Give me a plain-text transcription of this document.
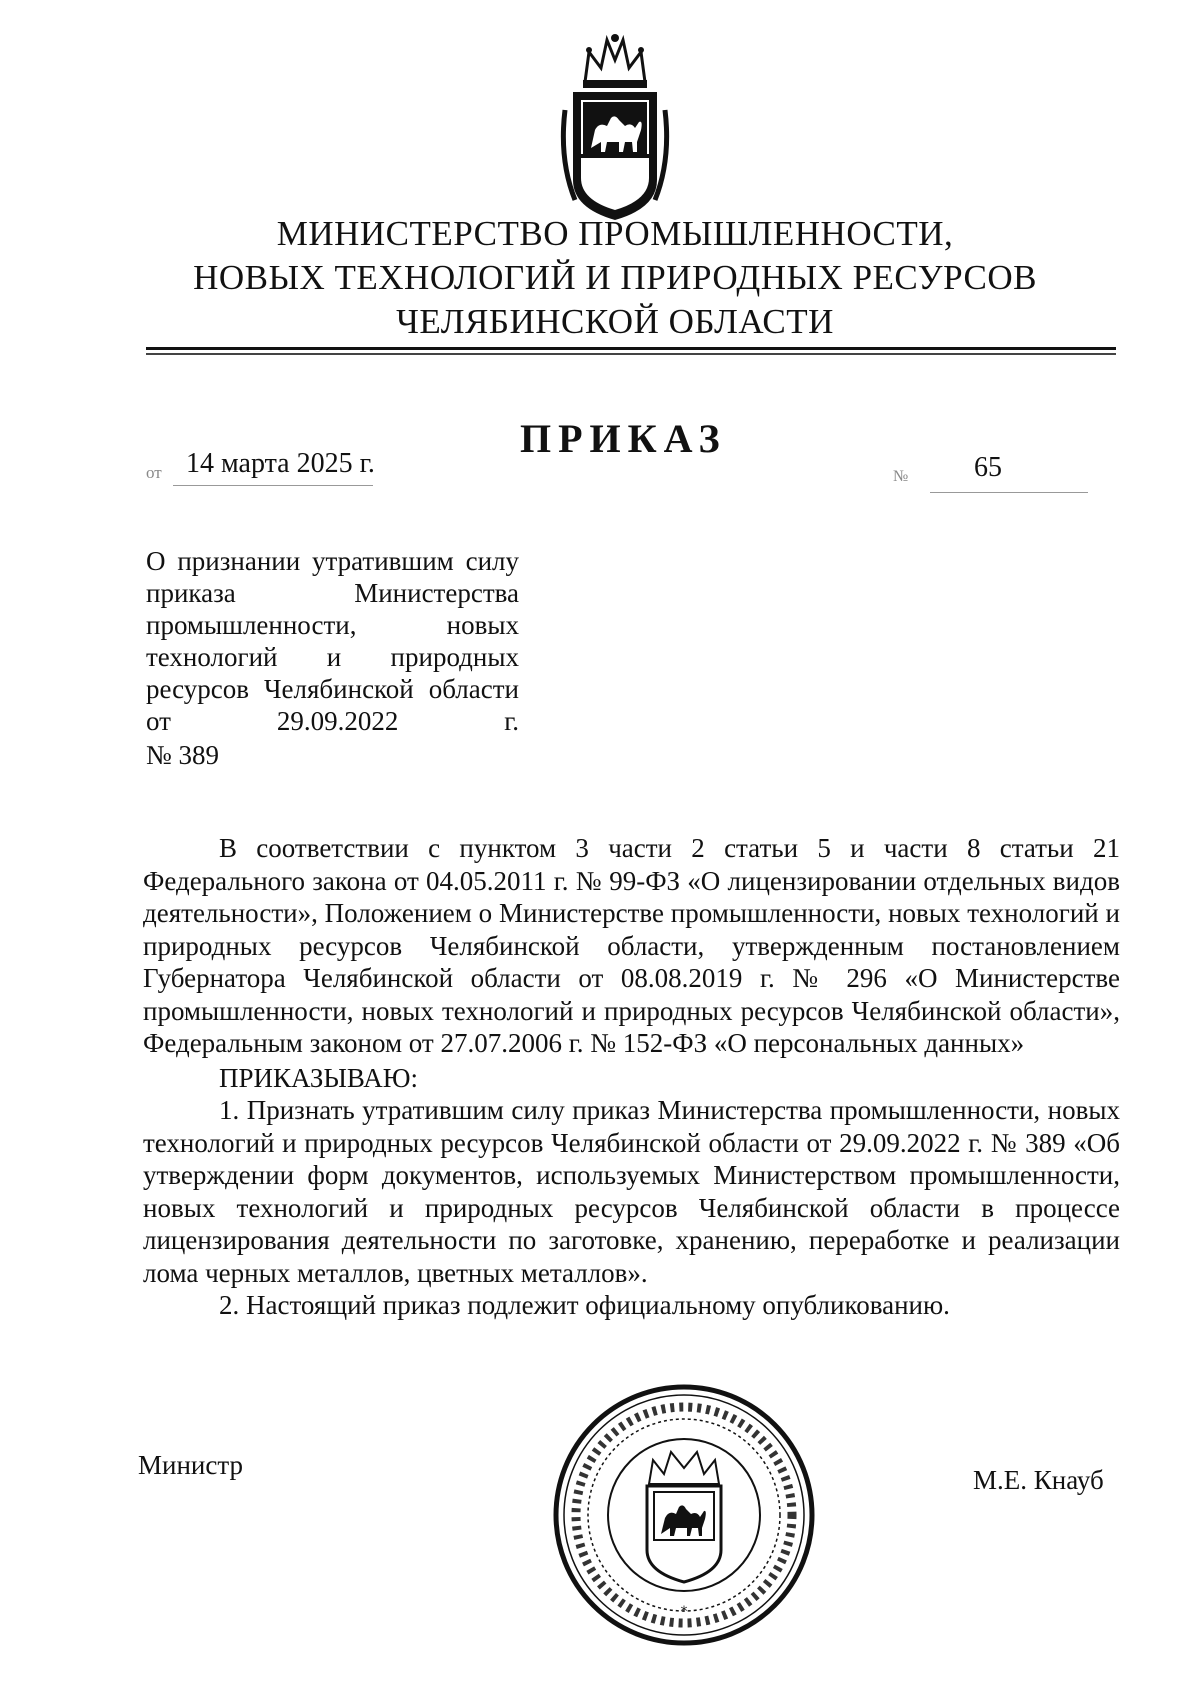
МИНИСТЕРСТВО ПРОМЫШЛЕННОСТИ,
НОВЫХ ТЕХНОЛОГИЙ И ПРИРОДНЫХ РЕСУРСОВ
ЧЕЛЯБИНСКОЙ ОБЛАСТИ
ПРИКАЗ
от 14 марта 2025 г.	№ 65

О признании утратившим силу приказа Министерства промышленности, новых технологий и природных ресурсов Челябинской области от 29.09.2022 г.

№ 389

В соответствии с пунктом 3 части 2 статьи 5 и части 8 статьи 21 Федерального закона от 04.05.2011 г. № 99-ФЗ «О лицензировании отдельных видов деятельности», Положением о Министерстве промышленности, новых технологий и природных ресурсов Челябинской области, утвержденным постановлением Губернатора Челябинской области от 08.08.2019 г. № 296 «О Министерстве промышленности, новых технологий и природных ресурсов Челябинской области», Федеральным законом от 27.07.2006 г. № 152-ФЗ «О персональных данных»

ПРИКАЗЫВАЮ:

1. Признать утратившим силу приказ Министерства промышленности, новых технологий и природных ресурсов Челябинской области от 29.09.2022 г. № 389 «Об утверждении форм документов, используемых Министерством промышленности, новых технологий и природных ресурсов Челябинской области в процессе лицензирования деятельности по заготовке, хранению, переработке и реализации лома черных металлов, цветных металлов».

2. Настоящий приказ подлежит официальному опубликованию.

Министр	М.Е. Кнауб
*
